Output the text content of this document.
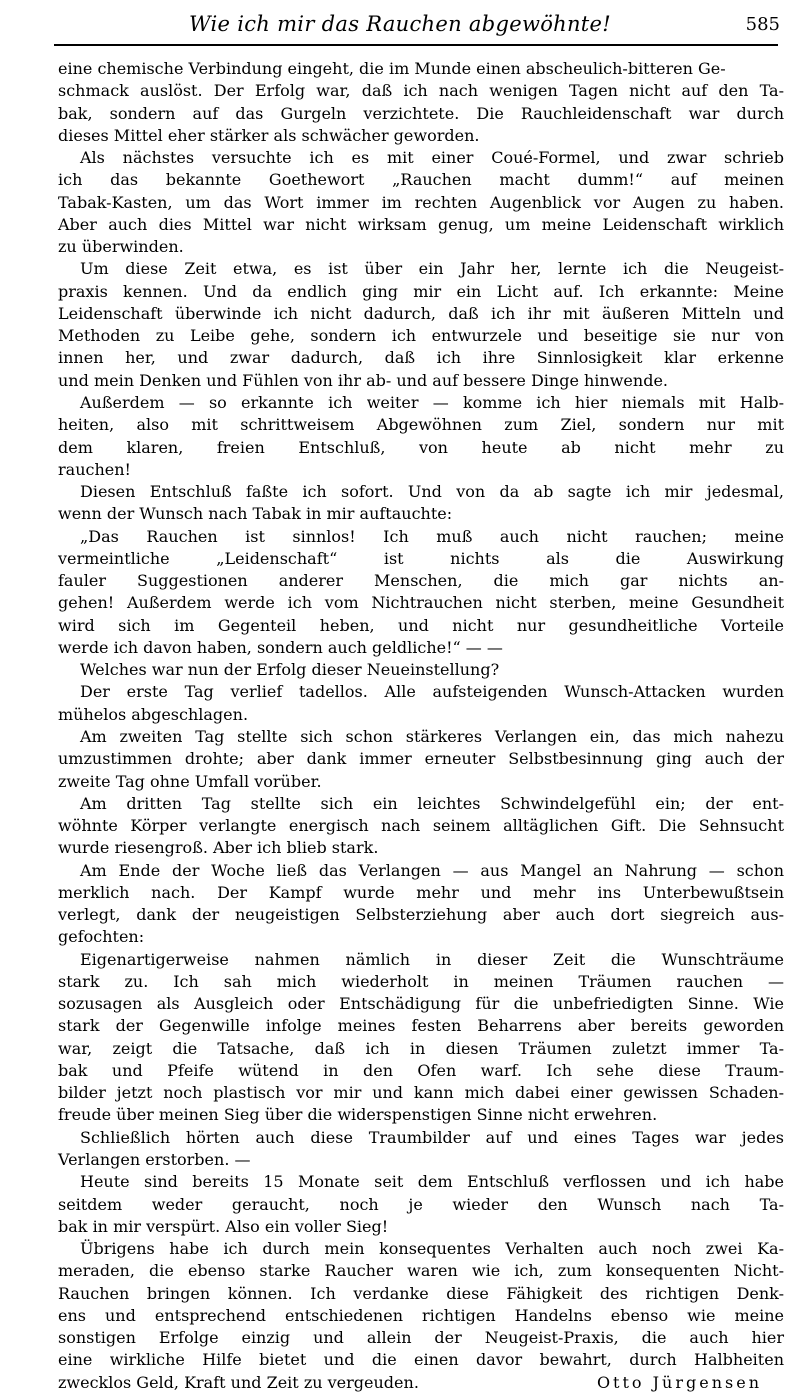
Wie ich mir das Rauchen abgewöhnte!	585
eine chemische Verbindung eingeht, die im Munde einen abscheulich-bitteren Ge-
schmack auslöst. Der Erfolg war, daß ich nach wenigen Tagen nicht auf den Ta-
bak, sondern auf das Gurgeln verzichtete. Die Rauchleidenschaft war durch
dieses Mittel eher stärker als schwächer geworden.
Als nächstes versuchte ich es mit einer Coué-Formel, und zwar schrieb
ich das bekannte Goethewort „Rauchen macht dumm!“ auf meinen
Tabak-Kasten, um das Wort immer im rechten Augenblick vor Augen zu haben.
Aber auch dies Mittel war nicht wirksam genug, um meine Leidenschaft wirklich
zu überwinden.
Um diese Zeit etwa, es ist über ein Jahr her, lernte ich die Neugeist-
praxis kennen. Und da endlich ging mir ein Licht auf. Ich erkannte: Meine
Leidenschaft überwinde ich nicht dadurch, daß ich ihr mit äußeren Mitteln und
Methoden zu Leibe gehe, sondern ich entwurzele und beseitige sie nur von
innen her, und zwar dadurch, daß ich ihre Sinnlosigkeit klar erkenne
und mein Denken und Fühlen von ihr ab- und auf bessere Dinge hinwende.
Außerdem — so erkannte ich weiter — komme ich hier niemals mit Halb-
heiten, also mit schrittweisem Abgewöhnen zum Ziel, sondern nur mit
dem klaren, freien Entschluß, von heute ab nicht mehr zu
rauchen!
Diesen Entschluß faßte ich sofort. Und von da ab sagte ich mir jedesmal,
wenn der Wunsch nach Tabak in mir auftauchte:
„Das Rauchen ist sinnlos! Ich muß auch nicht rauchen; meine
vermeintliche „Leidenschaft“ ist nichts als die Auswirkung
fauler Suggestionen anderer Menschen, die mich gar nichts an-
gehen! Außerdem werde ich vom Nichtrauchen nicht sterben, meine Gesundheit
wird sich im Gegenteil heben, und nicht nur gesundheitliche Vorteile
werde ich davon haben, sondern auch geldliche!“ — —
Welches war nun der Erfolg dieser Neueinstellung?
Der erste Tag verlief tadellos. Alle aufsteigenden Wunsch-Attacken wurden
mühelos abgeschlagen.
Am zweiten Tag stellte sich schon stärkeres Verlangen ein, das mich nahezu
umzustimmen drohte; aber dank immer erneuter Selbstbesinnung ging auch der
zweite Tag ohne Umfall vorüber.
Am dritten Tag stellte sich ein leichtes Schwindelgefühl ein; der ent-
wöhnte Körper verlangte energisch nach seinem alltäglichen Gift. Die Sehnsucht
wurde riesengroß. Aber ich blieb stark.
Am Ende der Woche ließ das Verlangen — aus Mangel an Nahrung — schon
merklich nach. Der Kampf wurde mehr und mehr ins Unterbewußtsein
verlegt, dank der neugeistigen Selbsterziehung aber auch dort siegreich aus-
gefochten:
Eigenartigerweise nahmen nämlich in dieser Zeit die Wunschträume
stark zu. Ich sah mich wiederholt in meinen Träumen rauchen —
sozusagen als Ausgleich oder Entschädigung für die unbefriedigten Sinne. Wie
stark der Gegenwille infolge meines festen Beharrens aber bereits geworden
war, zeigt die Tatsache, daß ich in diesen Träumen zuletzt immer Ta-
bak und Pfeife wütend in den Ofen warf. Ich sehe diese Traum-
bilder jetzt noch plastisch vor mir und kann mich dabei einer gewissen Schaden-
freude über meinen Sieg über die widerspenstigen Sinne nicht erwehren.
Schließlich hörten auch diese Traumbilder auf und eines Tages war jedes
Verlangen erstorben. —
Heute sind bereits 15 Monate seit dem Entschluß verflossen und ich habe
seitdem weder geraucht, noch je wieder den Wunsch nach Ta-
bak in mir verspürt. Also ein voller Sieg!
Übrigens habe ich durch mein konsequentes Verhalten auch noch zwei Ka-
meraden, die ebenso starke Raucher waren wie ich, zum konsequenten Nicht-
Rauchen bringen können. Ich verdanke diese Fähigkeit des richtigen Denk-
ens und entsprechend entschiedenen richtigen Handelns ebenso wie meine
sonstigen Erfolge einzig und allein der Neugeist-Praxis, die auch hier
eine wirkliche Hilfe bietet und die einen davor bewahrt, durch Halbheiten
zwecklos Geld, Kraft und Zeit zu vergeuden.	Otto Jürgensen
